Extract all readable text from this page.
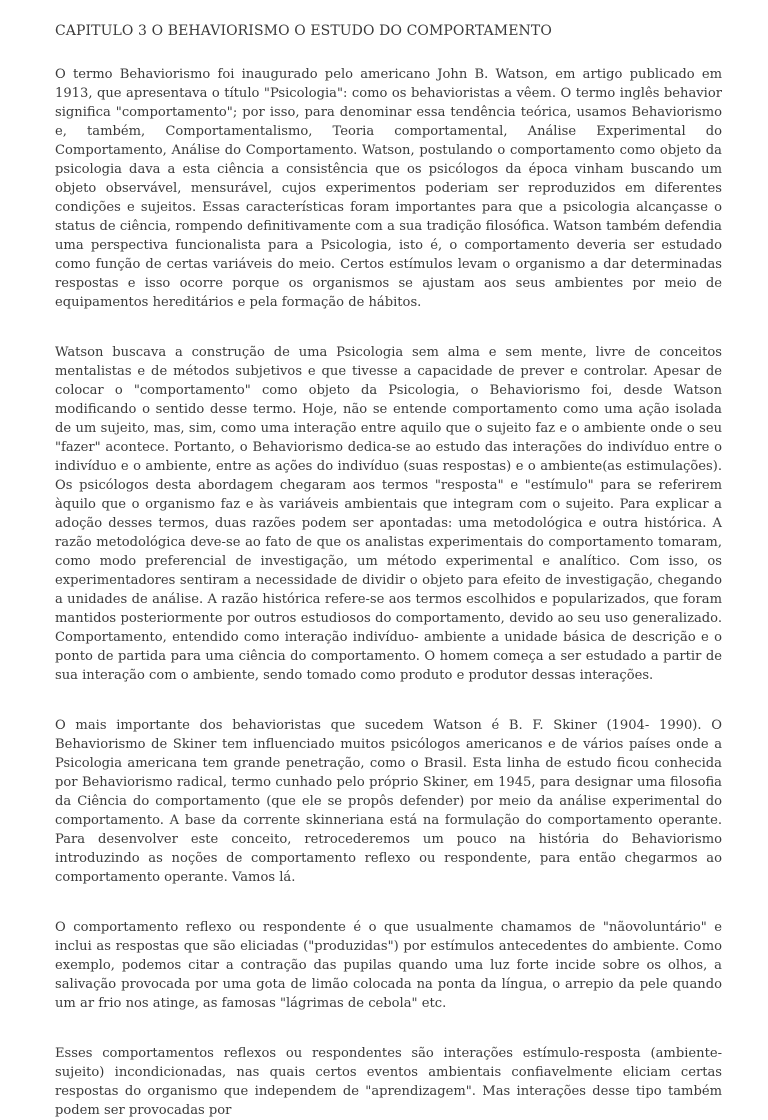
CAPITULO 3 O BEHAVIORISMO O ESTUDO DO COMPORTAMENTO

O termo Behaviorismo foi inaugurado pelo americano John B. Watson, em artigo publicado em 1913, que apresentava o título "Psicologia": como os behavioristas a vêem. O termo inglês behavior significa "comportamento"; por isso, para denominar essa tendência teórica, usamos Behaviorismo e, também, Comportamentalismo, Teoria comportamental, Análise Experimental do Comportamento, Análise do Comportamento. Watson, postulando o comportamento como objeto da psicologia dava a esta ciência a consistência que os psicólogos da época vinham buscando um objeto observável, mensurável, cujos experimentos poderiam ser reproduzidos em diferentes condições e sujeitos. Essas características foram importantes para que a psicologia alcançasse o status de ciência, rompendo definitivamente com a sua tradição filosófica. Watson também defendia uma perspectiva funcionalista para a Psicologia, isto é, o comportamento deveria ser estudado como função de certas variáveis do meio. Certos estímulos levam o organismo a dar determinadas respostas e isso ocorre porque os organismos se ajustam aos seus ambientes por meio de equipamentos hereditários e pela formação de hábitos.

Watson buscava a construção de uma Psicologia sem alma e sem mente, livre de conceitos mentalistas e de métodos subjetivos e que tivesse a capacidade de prever e controlar. Apesar de colocar o "comportamento" como objeto da Psicologia, o Behaviorismo foi, desde Watson modificando o sentido desse termo. Hoje, não se entende comportamento como uma ação isolada de um sujeito, mas, sim, como uma interação entre aquilo que o sujeito faz e o ambiente onde o seu "fazer" acontece. Portanto, o Behaviorismo dedica-se ao estudo das interações do indivíduo entre o indivíduo e o ambiente, entre as ações do indivíduo (suas respostas) e o ambiente(as estimulações). Os psicólogos desta abordagem chegaram aos termos "resposta" e "estímulo" para se referirem àquilo que o organismo faz e às variáveis ambientais que integram com o sujeito. Para explicar a adoção desses termos, duas razões podem ser apontadas: uma metodológica e outra histórica. A razão metodológica deve-se ao fato de que os analistas experimentais do comportamento tomaram, como modo preferencial de investigação, um método experimental e analítico. Com isso, os experimentadores sentiram a necessidade de dividir o objeto para efeito de investigação, chegando a unidades de análise. A razão histórica refere-se aos termos escolhidos e popularizados, que foram mantidos posteriormente por outros estudiosos do comportamento, devido ao seu uso generalizado. Comportamento, entendido como interação indivíduo- ambiente a unidade básica de descrição e o ponto de partida para uma ciência do comportamento. O homem começa a ser estudado a partir de sua interação com o ambiente, sendo tomado como produto e produtor dessas interações.

O mais importante dos behavioristas que sucedem Watson é B. F. Skiner (1904- 1990). O Behaviorismo de Skiner tem influenciado muitos psicólogos americanos e de vários países onde a Psicologia americana tem grande penetração, como o Brasil. Esta linha de estudo ficou conhecida por Behaviorismo radical, termo cunhado pelo próprio Skiner, em 1945, para designar uma filosofia da Ciência do comportamento (que ele se propôs defender) por meio da análise experimental do comportamento. A base da corrente skinneriana está na formulação do comportamento operante. Para desenvolver este conceito, retrocederemos um pouco na história do Behaviorismo introduzindo as noções de comportamento reflexo ou respondente, para então chegarmos ao comportamento operante. Vamos lá.

O comportamento reflexo ou respondente é o que usualmente chamamos de "nãovoluntário" e inclui as respostas que são eliciadas ("produzidas") por estímulos antecedentes do ambiente. Como exemplo, podemos citar a contração das pupilas quando uma luz forte incide sobre os olhos, a salivação provocada por uma gota de limão colocada na ponta da língua, o arrepio da pele quando um ar frio nos atinge, as famosas "lágrimas de cebola" etc.

Esses comportamentos reflexos ou respondentes são interações estímulo-resposta (ambiente- sujeito) incondicionadas, nas quais certos eventos ambientais confiavelmente eliciam certas respostas do organismo que independem de "aprendizagem". Mas interações desse tipo também podem ser provocadas por
